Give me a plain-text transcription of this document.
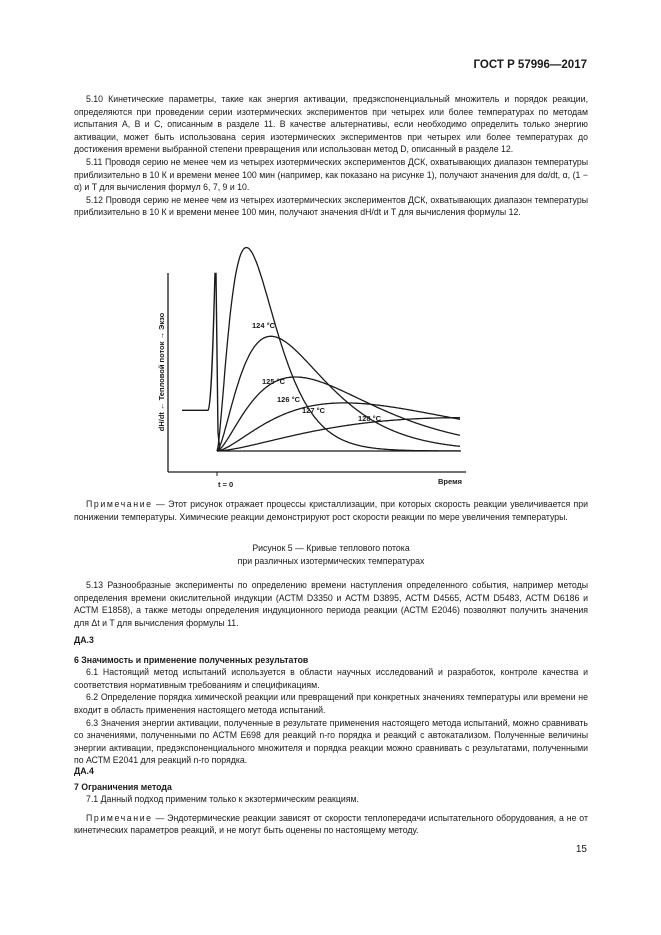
ГОСТ Р 57996—2017

5.10 Кинетические параметры, такие как энергия активации, предэкспоненциальный множитель и порядок реакции, определяются при проведении серии изотермических экспериментов при четырех или более температурах по методам испытания А, В и С, описанным в разделе 11. В качестве альтернативы, если необходимо определить только энергию активации, может быть использована серия изотермических экспериментов при четырех или более температурах до достижения времени выбранной степени превращения или использован метод D, описанный в разделе 12.

5.11 Проводя серию не менее чем из четырех изотермических экспериментов ДСК, охватывающих диапазон температуры приблизительно в 10 К и времени менее 100 мин (например, как показано на рисунке 1), получают значения для dα/dt, α, (1 − α) и T для вычисления формул 6, 7, 9 и 10.

5.12 Проводя серию не менее чем из четырех изотермических экспериментов ДСК, охватывающих диапазон температуры приблизительно в 10 К и времени менее 100 мин, получают значения dH/dt и T для вычисления формулы 12.

dH/dt ← Тепловой поток → Экзо
Время
t = 0
124 °C
125 °C
126 °C
127 °C
128 °C

Примечание — Этот рисунок отражает процессы кристаллизации, при которых скорость реакции увеличивается при понижении температуры. Химические реакции демонстрируют рост скорости реакции по мере увеличения температуры.

Рисунок 5 — Кривые теплового потока
при различных изотермических температурах

5.13 Разнообразные эксперименты по определению времени наступления определенного события, например методы определения времени окислительной индукции (АСТМ D3350 и АСТМ D3895, АСТМ D4565, АСТМ D5483, АСТМ D6186 и АСТМ E1858), а также методы определения индукционного периода реакции (АСТМ E2046) позволяют получить значения для Δt и T для вычисления формулы 11.

ДА.3

6 Значимость и применение полученных результатов

6.1 Настоящий метод испытаний используется в области научных исследований и разработок, контроле качества и соответствия нормативным требованиям и спецификациям.

6.2 Определение порядка химической реакции или превращений при конкретных значениях температуры или времени не входит в область применения настоящего метода испытаний.

6.3 Значения энергии активации, полученные в результате применения настоящего метода испытаний, можно сравнивать со значениями, полученными по АСТМ E698 для реакций n-го порядка и реакций с автокатализом. Полученные величины энергии активации, предэкспоненциального множителя и порядка реакции можно сравнивать с результатами, полученными по АСТМ E2041 для реакций n-го порядка.

ДА.4

7 Ограничения метода

7.1 Данный подход применим только к экзотермическим реакциям.

Примечание — Эндотермические реакции зависят от скорости теплопередачи испытательного оборудования, а не от кинетических параметров реакций, и не могут быть оценены по настоящему методу.

15
